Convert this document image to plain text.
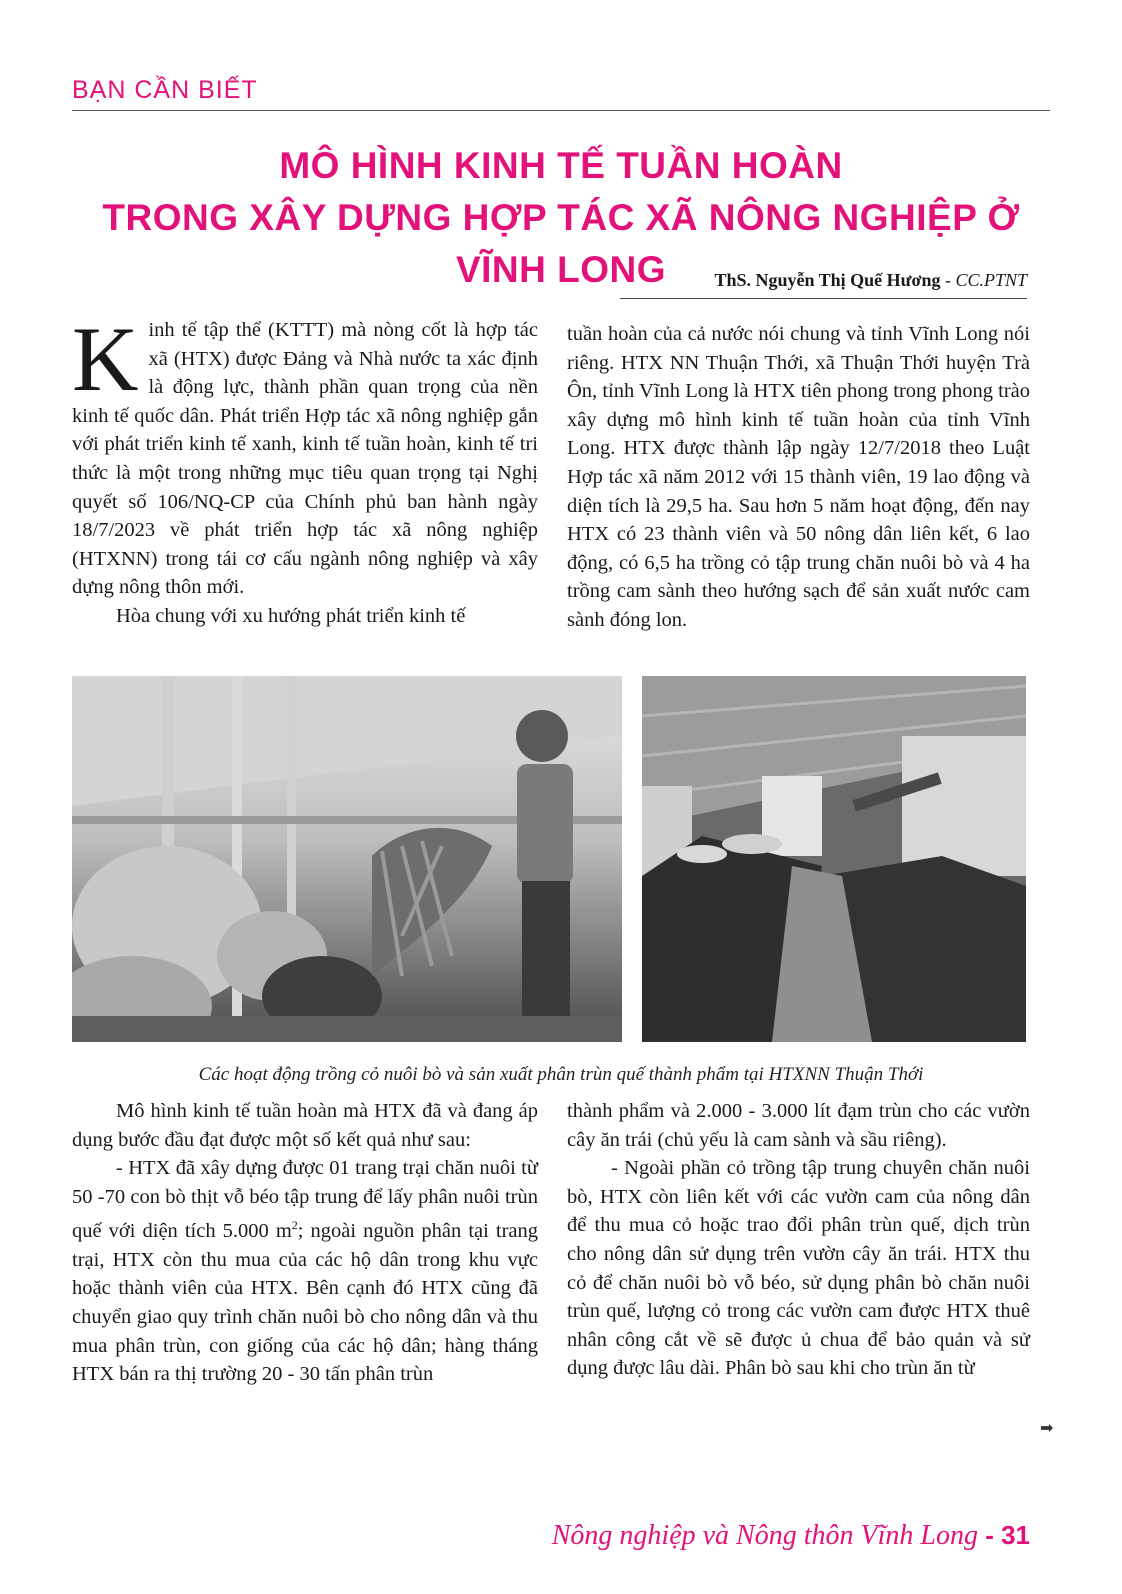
BẠN CẦN BIẾT
MÔ HÌNH KINH TẾ TUẦN HOÀN
TRONG XÂY DỰNG HỢP TÁC XÃ NÔNG NGHIỆP Ở VĨNH LONG	ThS. Nguyễn Thị Quế Hương - CC.PTNT

Kinh tế tập thể (KTTT) mà nòng cốt là hợp tác xã (HTX) được Đảng và Nhà nước ta xác định là động lực, thành phần quan trọng của nền kinh tế quốc dân. Phát triển Hợp tác xã nông nghiệp gắn với phát triển kinh tế xanh, kinh tế tuần hoàn, kinh tế tri thức là một trong những mục tiêu quan trọng tại Nghị quyết số 106/NQ-CP của Chính phủ ban hành ngày 18/7/2023 về phát triển hợp tác xã nông nghiệp (HTXNN) trong tái cơ cấu ngành nông nghiệp và xây dựng nông thôn mới.

Hòa chung với xu hướng phát triển kinh tế

tuần hoàn của cả nước nói chung và tỉnh Vĩnh Long nói riêng. HTX NN Thuận Thới, xã Thuận Thới huyện Trà Ôn, tỉnh Vĩnh Long là HTX tiên phong trong phong trào xây dựng mô hình kinh tế tuần hoàn của tỉnh Vĩnh Long. HTX được thành lập ngày 12/7/2018 theo Luật Hợp tác xã năm 2012 với 15 thành viên, 19 lao động và diện tích là 29,5 ha. Sau hơn 5 năm hoạt động, đến nay HTX có 23 thành viên và 50 nông dân liên kết, 6 lao động, có 6,5 ha trồng cỏ tập trung chăn nuôi bò và 4 ha trồng cam sành theo hướng sạch để sản xuất nước cam sành đóng lon.

Các hoạt động trồng cỏ nuôi bò và sản xuất phân trùn quế thành phẩm tại HTXNN Thuận Thới

Mô hình kinh tế tuần hoàn mà HTX đã và đang áp dụng bước đầu đạt được một số kết quả như sau:

- HTX đã xây dựng được 01 trang trại chăn nuôi từ 50 -70 con bò thịt vỗ béo tập trung để lấy phân nuôi trùn quế với diện tích 5.000 $m^2$; ngoài nguồn phân tại trang trại, HTX còn thu mua của các hộ dân trong khu vực hoặc thành viên của HTX. Bên cạnh đó HTX cũng đã chuyển giao quy trình chăn nuôi bò cho nông dân và thu mua phân trùn, con giống của các hộ dân; hàng tháng HTX bán ra thị trường 20 - 30 tấn phân trùn

thành phẩm và 2.000 - 3.000 lít đạm trùn cho các vườn cây ăn trái (chủ yếu là cam sành và sầu riêng).

- Ngoài phần cỏ trồng tập trung chuyên chăn nuôi bò, HTX còn liên kết với các vườn cam của nông dân để thu mua cỏ hoặc trao đổi phân trùn quế, dịch trùn cho nông dân sử dụng trên vườn cây ăn trái. HTX thu cỏ để chăn nuôi bò vỗ béo, sử dụng phân bò chăn nuôi trùn quế, lượng cỏ trong các vườn cam được HTX thuê nhân công cắt về sẽ được ủ chua để bảo quản và sử dụng được lâu dài. Phân bò sau khi cho trùn ăn từ

➡
Nông nghiệp và Nông thôn Vĩnh Long - 31
